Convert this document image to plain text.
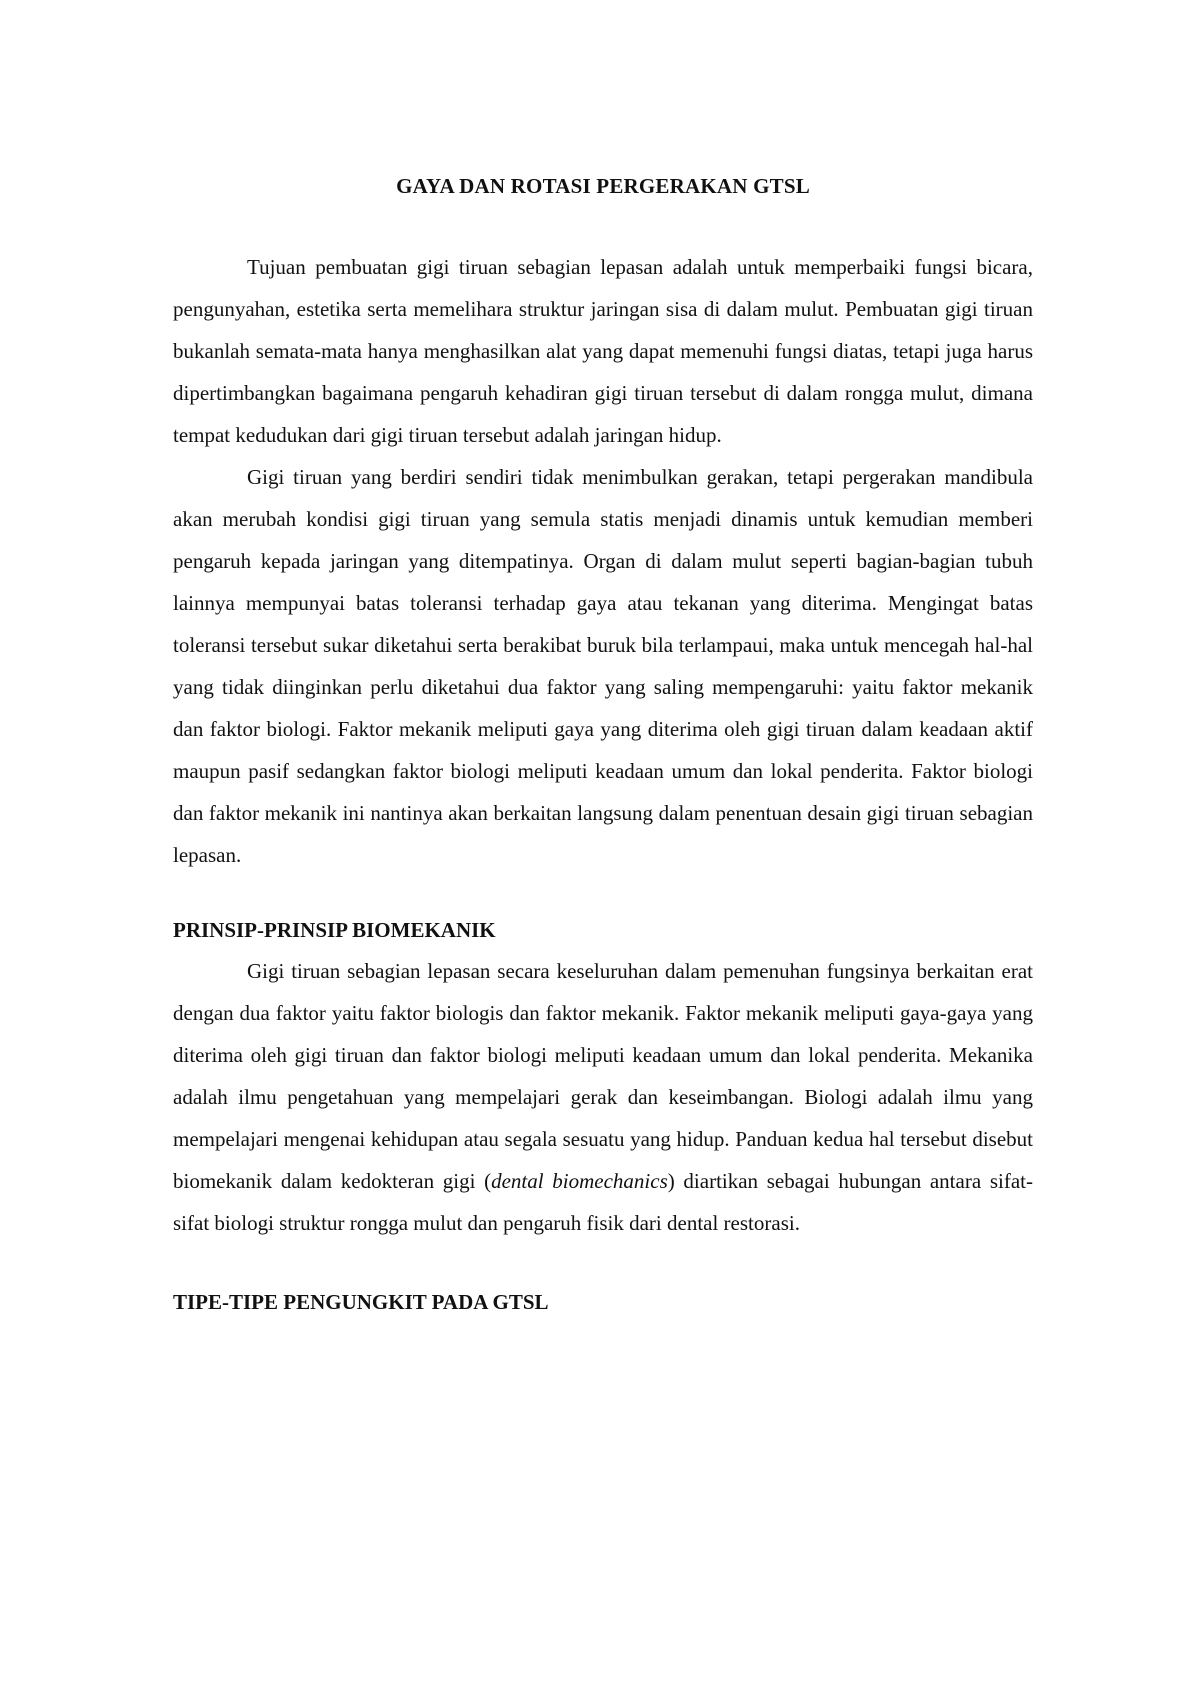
GAYA DAN ROTASI PERGERAKAN GTSL

Tujuan pembuatan gigi tiruan sebagian lepasan adalah untuk memperbaiki fungsi bicara, pengunyahan, estetika serta memelihara struktur jaringan sisa di dalam mulut. Pembuatan gigi tiruan bukanlah semata-mata hanya menghasilkan alat yang dapat memenuhi fungsi diatas, tetapi juga harus dipertimbangkan bagaimana pengaruh kehadiran gigi tiruan tersebut di dalam rongga mulut, dimana tempat kedudukan dari gigi tiruan tersebut adalah jaringan hidup.

Gigi tiruan yang berdiri sendiri tidak menimbulkan gerakan, tetapi pergerakan mandibula akan merubah kondisi gigi tiruan yang semula statis menjadi dinamis untuk kemudian memberi pengaruh kepada jaringan yang ditempatinya. Organ di dalam mulut seperti bagian-bagian tubuh lainnya mempunyai batas toleransi terhadap gaya atau tekanan yang diterima. Mengingat batas toleransi tersebut sukar diketahui serta berakibat buruk bila terlampaui, maka untuk mencegah hal-hal yang tidak diinginkan perlu diketahui dua faktor yang saling mempengaruhi: yaitu faktor mekanik dan faktor biologi. Faktor mekanik meliputi gaya yang diterima oleh gigi tiruan dalam keadaan aktif maupun pasif sedangkan faktor biologi meliputi keadaan umum dan lokal penderita. Faktor biologi dan faktor mekanik ini nantinya akan berkaitan langsung dalam penentuan desain gigi tiruan sebagian lepasan.

PRINSIP-PRINSIP BIOMEKANIK

Gigi tiruan sebagian lepasan secara keseluruhan dalam pemenuhan fungsinya berkaitan erat dengan dua faktor yaitu faktor biologis dan faktor mekanik. Faktor mekanik meliputi gaya-gaya yang diterima oleh gigi tiruan dan faktor biologi meliputi keadaan umum dan lokal penderita. Mekanika adalah ilmu pengetahuan yang mempelajari gerak dan keseimbangan. Biologi adalah ilmu yang mempelajari mengenai kehidupan atau segala sesuatu yang hidup. Panduan kedua hal tersebut disebut biomekanik dalam kedokteran gigi (dental biomechanics) diartikan sebagai hubungan antara sifat-sifat biologi struktur rongga mulut dan pengaruh fisik dari dental restorasi.

TIPE-TIPE PENGUNGKIT PADA GTSL
